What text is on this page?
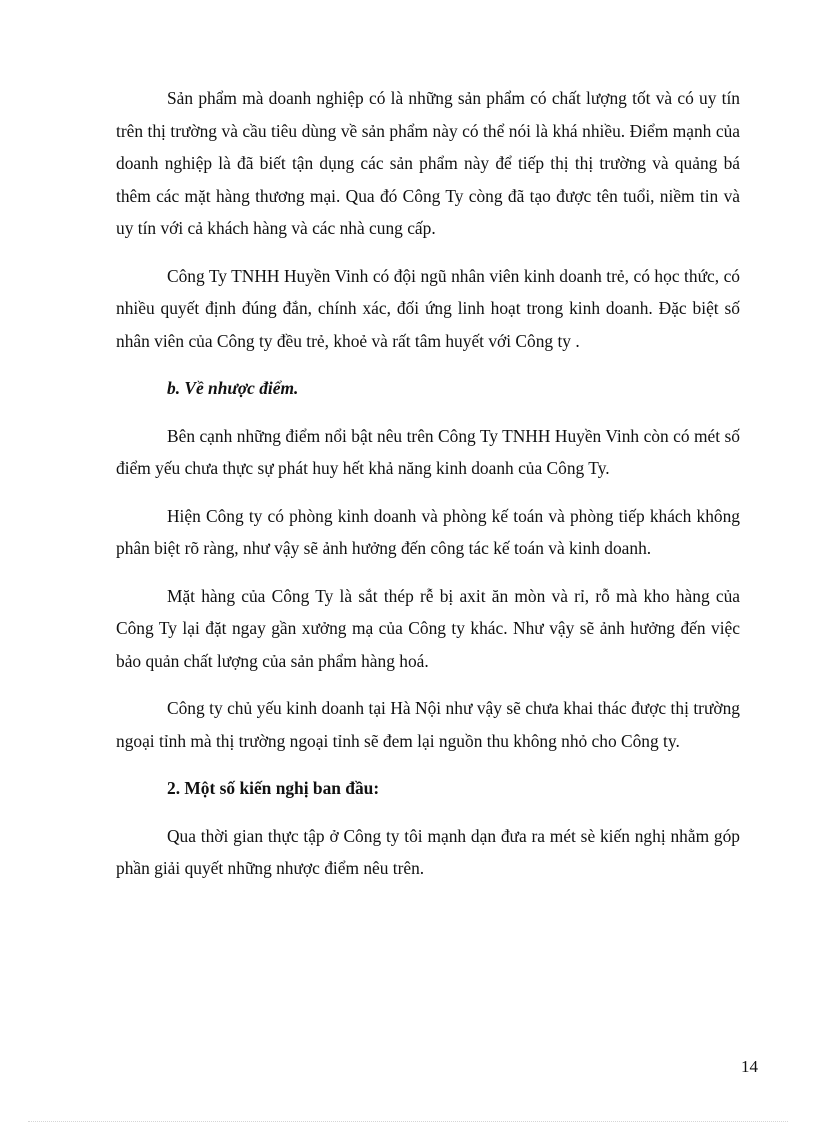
Sản phẩm mà doanh nghiệp có là những sản phẩm có chất lượng tốt và có uy tín trên thị trường và cầu tiêu dùng về sản phẩm này có thể nói là khá nhiều. Điểm mạnh của doanh nghiệp là đã biết tận dụng các sản phẩm này để tiếp thị thị trường và quảng bá thêm các mặt hàng thương mại. Qua đó Công Ty còng đã tạo được tên tuổi, niềm tin và uy tín với cả khách hàng và các nhà cung cấp.

Công Ty TNHH Huyền Vinh có đội ngũ nhân viên kinh doanh trẻ, có học thức, có nhiều quyết định đúng đắn, chính xác, đối ứng linh hoạt trong kinh doanh. Đặc biệt số nhân viên của Công ty đều trẻ, khoẻ và rất tâm huyết với Công ty .

b. Về nhược điểm.

Bên cạnh những điểm nổi bật nêu trên Công Ty TNHH Huyền Vinh còn có mét số điểm yếu chưa thực sự phát huy hết khả năng kinh doanh của Công Ty.

Hiện Công ty có phòng kinh doanh và phòng kế toán và phòng tiếp khách không phân biệt rõ ràng, như vậy sẽ ảnh hưởng đến công tác kế toán và kinh doanh.

Mặt hàng của Công Ty là sắt thép rễ bị axit ăn mòn và rỉ, rỗ mà kho hàng của Công Ty lại đặt ngay gần xưởng mạ của Công ty khác. Như vậy sẽ ảnh hưởng đến việc bảo quản chất lượng của sản phẩm hàng hoá.

Công ty chủ yếu kinh doanh tại Hà Nội như vậy sẽ chưa khai thác được thị trường ngoại tỉnh mà thị trường ngoại tỉnh sẽ đem lại nguồn thu không nhỏ cho Công ty.

2. Một số kiến nghị ban đầu:

Qua thời gian thực tập ở Công ty tôi mạnh dạn đưa ra mét sè kiến nghị nhằm góp phần giải quyết những nhược điểm nêu trên.

14
